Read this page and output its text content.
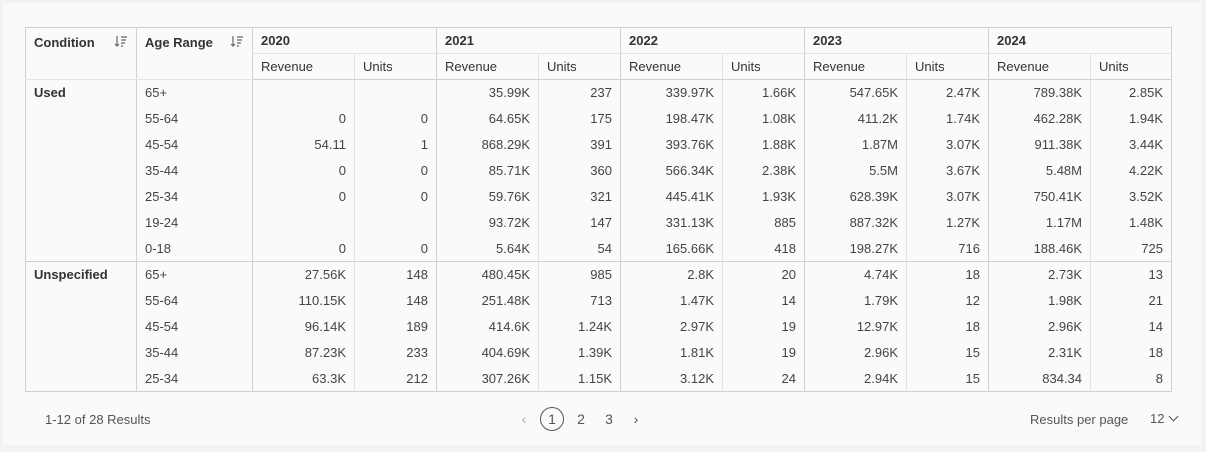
Condition	Age Range	2020		2021		2022		2023		2024	
		Revenue	Units	Revenue	Units	Revenue	Units	Revenue	Units	Revenue	Units
Used	65+			35.99K	237	339.97K	1.66K	547.65K	2.47K	789.38K	2.85K
	55-64	0	0	64.65K	175	198.47K	1.08K	411.2K	1.74K	462.28K	1.94K
	45-54	54.11	1	868.29K	391	393.76K	1.88K	1.87M	3.07K	911.38K	3.44K
	35-44	0	0	85.71K	360	566.34K	2.38K	5.5M	3.67K	5.48M	4.22K
	25-34	0	0	59.76K	321	445.41K	1.93K	628.39K	3.07K	750.41K	3.52K
	19-24			93.72K	147	331.13K	885	887.32K	1.27K	1.17M	1.48K
	0-18	0	0	5.64K	54	165.66K	418	198.27K	716	188.46K	725
Unspecified	65+	27.56K	148	480.45K	985	2.8K	20	4.74K	18	2.73K	13
	55-64	110.15K	148	251.48K	713	1.47K	14	1.79K	12	1.98K	21
	45-54	96.14K	189	414.6K	1.24K	2.97K	19	12.97K	18	2.96K	14
	35-44	87.23K	233	404.69K	1.39K	1.81K	19	2.96K	15	2.31K	18
	25-34	63.3K	212	307.26K	1.15K	3.12K	24	2.94K	15	834.34	8
1-12 of 28 Results	‹	1	2	3	›	Results per page 12
